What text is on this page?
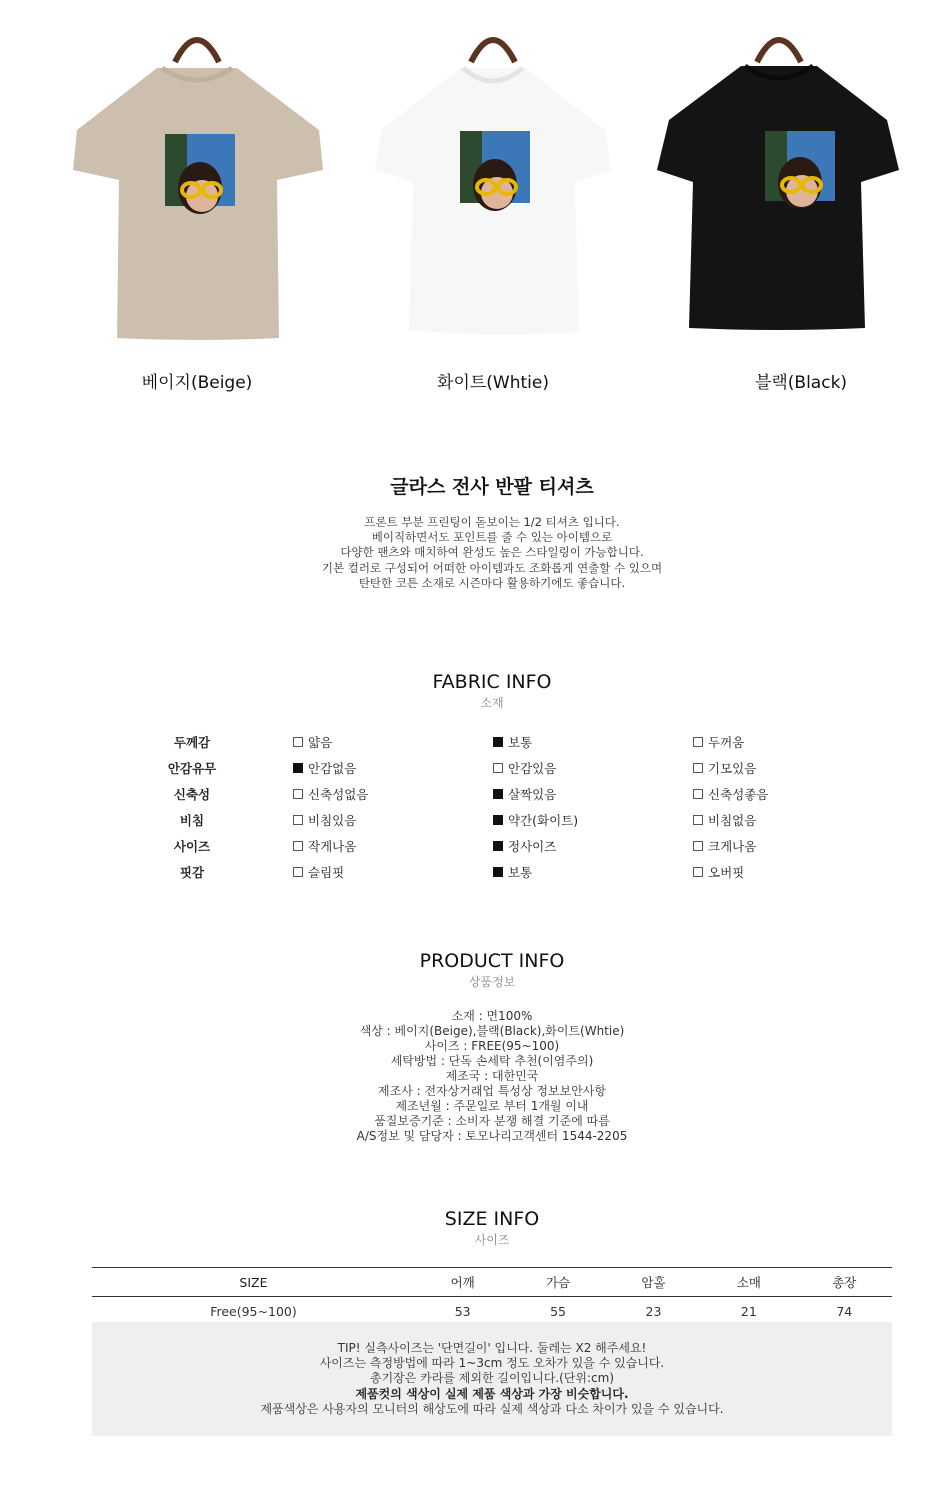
베이지(Beige)	화이트(Whtie)	블랙(Black)
글라스 전사 반팔 티셔츠
프론트 부분 프린팅이 돋보이는 1/2 티셔츠 입니다.
베이직하면서도 포인트를 줄 수 있는 아이템으로
다양한 팬츠와 매치하여 완성도 높은 스타일링이 가능합니다.
기본 컬러로 구성되어 어떠한 아이템과도 조화롭게 연출할 수 있으며
탄탄한 코튼 소재로 시즌마다 활용하기에도 좋습니다.
FABRIC INFO
소재
두께감	얇음	보통	두꺼움
안감유무	안감없음	안감있음	기모있음
신축성	신축성없음	살짝있음	신축성좋음
비침	비침있음	약간(화이트)	비침없음
사이즈	작게나옴	정사이즈	크게나옴
핏감	슬림핏	보통	오버핏
PRODUCT INFO
상품정보
소재 : 면100%
색상 : 베이지(Beige),블랙(Black),화이트(Whtie)
사이즈 : FREE(95~100)
세탁방법 : 단독 손세탁 추천(이염주의)
제조국 : 대한민국
제조사 : 전자상거래업 특성상 정보보안사항
제조년월 : 주문일로 부터 1개월 이내
품질보증기준 : 소비자 분쟁 해결 기준에 따름
A/S정보 및 담당자 : 토모나리고객센터 1544-2205
SIZE INFO
사이즈
SIZE	어깨	가슴	암홀	소매	총장
Free(95~100)	53	55	23	21	74
TIP! 실측사이즈는 '단면길이' 입니다. 둘레는 X2 해주세요!
사이즈는 측정방법에 따라 1~3cm 정도 오차가 있을 수 있습니다.
총기장은 카라를 제외한 길이입니다.(단위:cm)
제품컷의 색상이 실제 제품 색상과 가장 비슷합니다.
제품색상은 사용자의 모니터의 해상도에 따라 실제 색상과 다소 차이가 있을 수 있습니다.
